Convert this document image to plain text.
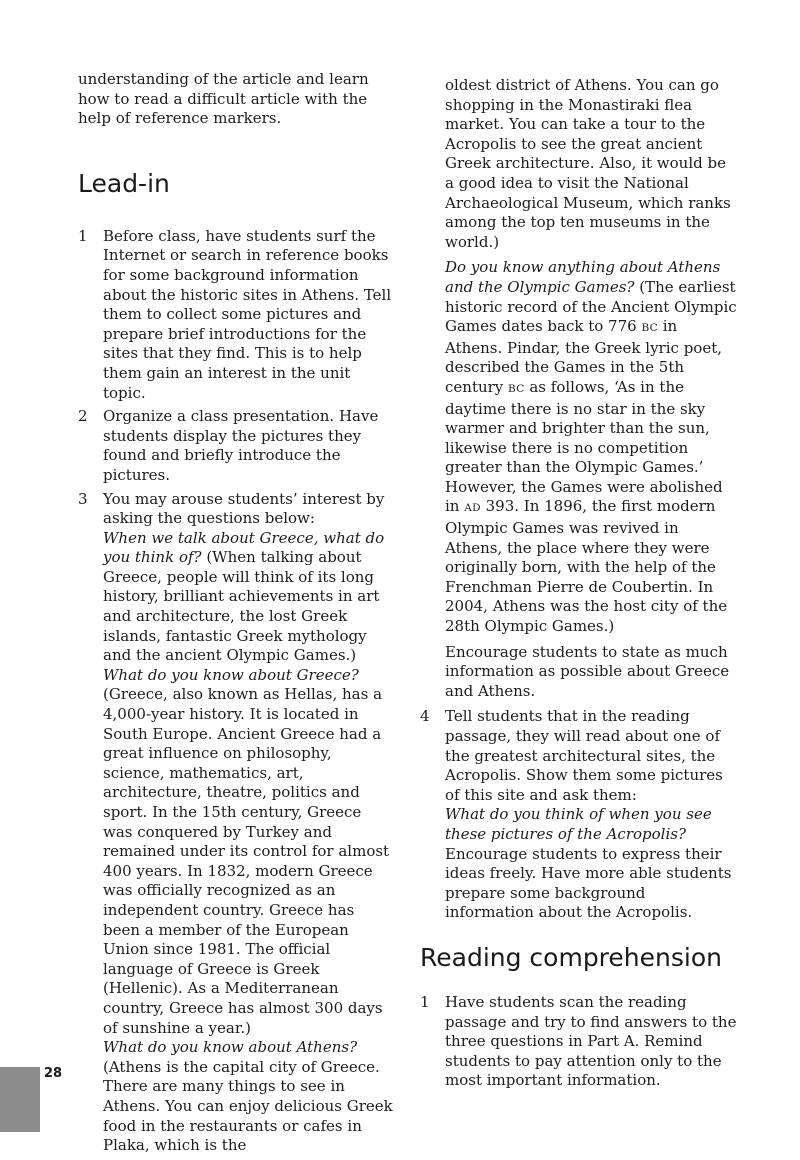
understanding of the article and learn how to read a difficult article with the help of reference markers.

Lead-in
1	Before class, have students surf the Internet or search in reference books for some background information about the historic sites in Athens. Tell them to collect some pictures and prepare brief introductions for the sites that they find. This is to help them gain an interest in the unit topic.
2	Organize a class presentation. Have students display the pictures they found and briefly introduce the pictures.
3	You may arouse students’ interest by asking the questions below:

When we talk about Greece, what do you think of? (When talking about Greece, people will think of its long history, brilliant achievements in art and architecture, the lost Greek islands, fantastic Greek mythology and the ancient Olympic Games.)

What do you know about Greece? (Greece, also known as Hellas, has a 4,000-year history. It is located in South Europe. Ancient Greece had a great influence on philosophy, science, mathematics, art, architecture, theatre, politics and sport. In the 15th century, Greece was conquered by Turkey and remained under its control for almost 400 years. In 1832, modern Greece was officially recognized as an independent country. Greece has been a member of the European Union since 1981. The official language of Greece is Greek (Hellenic). As a Mediterranean country, Greece has almost 300 days of sunshine a year.)

What do you know about Athens? (Athens is the capital city of Greece. There are many things to see in Athens. You can enjoy delicious Greek food in the restaurants or cafes in Plaka, which is the

oldest district of Athens. You can go shopping in the Monastiraki flea market. You can take a tour to the Acropolis to see the great ancient Greek architecture. Also, it would be a good idea to visit the National Archaeological Museum, which ranks among the top ten museums in the world.)

Do you know anything about Athens and the Olympic Games? (The earliest historic record of the Ancient Olympic Games dates back to 776 BC in Athens. Pindar, the Greek lyric poet, described the Games in the 5th century BC as follows, ‘As in the daytime there is no star in the sky warmer and brighter than the sun, likewise there is no competition greater than the Olympic Games.’ However, the Games were abolished in AD 393. In 1896, the first modern Olympic Games was revived in Athens, the place where they were originally born, with the help of the Frenchman Pierre de Coubertin. In 2004, Athens was the host city of the 28th Olympic Games.)

Encourage students to state as much information as possible about Greece and Athens.

4	Tell students that in the reading passage, they will read about one of the greatest architectural sites, the Acropolis. Show them some pictures of this site and ask them:

What do you think of when you see these pictures of the Acropolis?

Encourage students to express their ideas freely. Have more able students prepare some background information about the Acropolis.

Reading comprehension
1	Have students scan the reading passage and try to find answers to the three questions in Part A. Remind students to pay attention only to the most important information.
28
